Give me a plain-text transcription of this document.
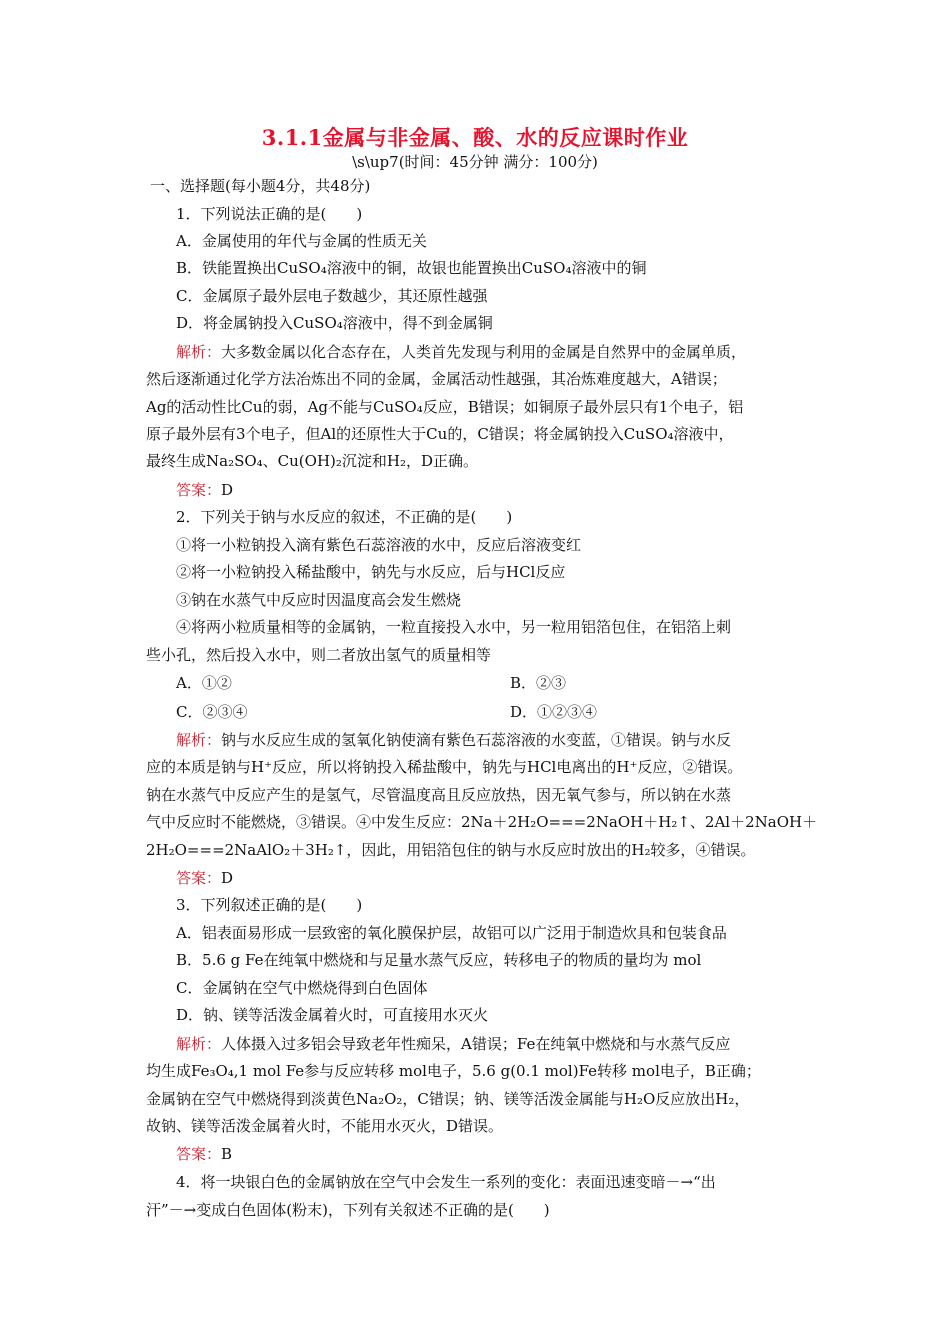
3.1.1金属与非金属、酸、水的反应课时作业
\s\up7(时间：45分钟 满分：100分)
一、选择题(每小题4分，共48分)
1．下列说法正确的是(　　)
A．金属使用的年代与金属的性质无关
B．铁能置换出CuSO₄溶液中的铜，故银也能置换出CuSO₄溶液中的铜
C．金属原子最外层电子数越少，其还原性越强
D．将金属钠投入CuSO₄溶液中，得不到金属铜
解析：大多数金属以化合态存在，人类首先发现与利用的金属是自然界中的金属单质，
然后逐渐通过化学方法冶炼出不同的金属，金属活动性越强，其冶炼难度越大，A错误；
Ag的活动性比Cu的弱，Ag不能与CuSO₄反应，B错误；如铜原子最外层只有1个电子，铝
原子最外层有3个电子，但Al的还原性大于Cu的，C错误；将金属钠投入CuSO₄溶液中，
最终生成Na₂SO₄、Cu(OH)₂沉淀和H₂，D正确。
答案：D
2．下列关于钠与水反应的叙述，不正确的是(　　)
①将一小粒钠投入滴有紫色石蕊溶液的水中，反应后溶液变红
②将一小粒钠投入稀盐酸中，钠先与水反应，后与HCl反应
③钠在水蒸气中反应时因温度高会发生燃烧
④将两小粒质量相等的金属钠，一粒直接投入水中，另一粒用铝箔包住，在铝箔上刺
些小孔，然后投入水中，则二者放出氢气的质量相等
A．①②	B．②③
C．②③④	D．①②③④
解析：钠与水反应生成的氢氧化钠使滴有紫色石蕊溶液的水变蓝，①错误。钠与水反
应的本质是钠与H⁺反应，所以将钠投入稀盐酸中，钠先与HCl电离出的H⁺反应，②错误。
钠在水蒸气中反应产生的是氢气，尽管温度高且反应放热，因无氧气参与，所以钠在水蒸
气中反应时不能燃烧，③错误。④中发生反应：2Na＋2H₂O===2NaOH＋H₂↑、2Al＋2NaOH＋
2H₂O===2NaAlO₂＋3H₂↑，因此，用铝箔包住的钠与水反应时放出的H₂较多，④错误。
答案：D
3．下列叙述正确的是(　　)
A．铝表面易形成一层致密的氧化膜保护层，故铝可以广泛用于制造炊具和包装食品
B．5.6 g Fe在纯氧中燃烧和与足量水蒸气反应，转移电子的物质的量均为 mol
C．金属钠在空气中燃烧得到白色固体
D．钠、镁等活泼金属着火时，可直接用水灭火
解析：人体摄入过多铝会导致老年性痴呆，A错误；Fe在纯氧中燃烧和与水蒸气反应
均生成Fe₃O₄,1 mol Fe参与反应转移 mol电子，5.6 g(0.1 mol)Fe转移 mol电子，B正确；
金属钠在空气中燃烧得到淡黄色Na₂O₂，C错误；钠、镁等活泼金属能与H₂O反应放出H₂，
故钠、镁等活泼金属着火时，不能用水灭火，D错误。
答案：B
4．将一块银白色的金属钠放在空气中会发生一系列的变化：表面迅速变暗－→“出
汗”－→变成白色固体(粉末)，下列有关叙述不正确的是(　　)
